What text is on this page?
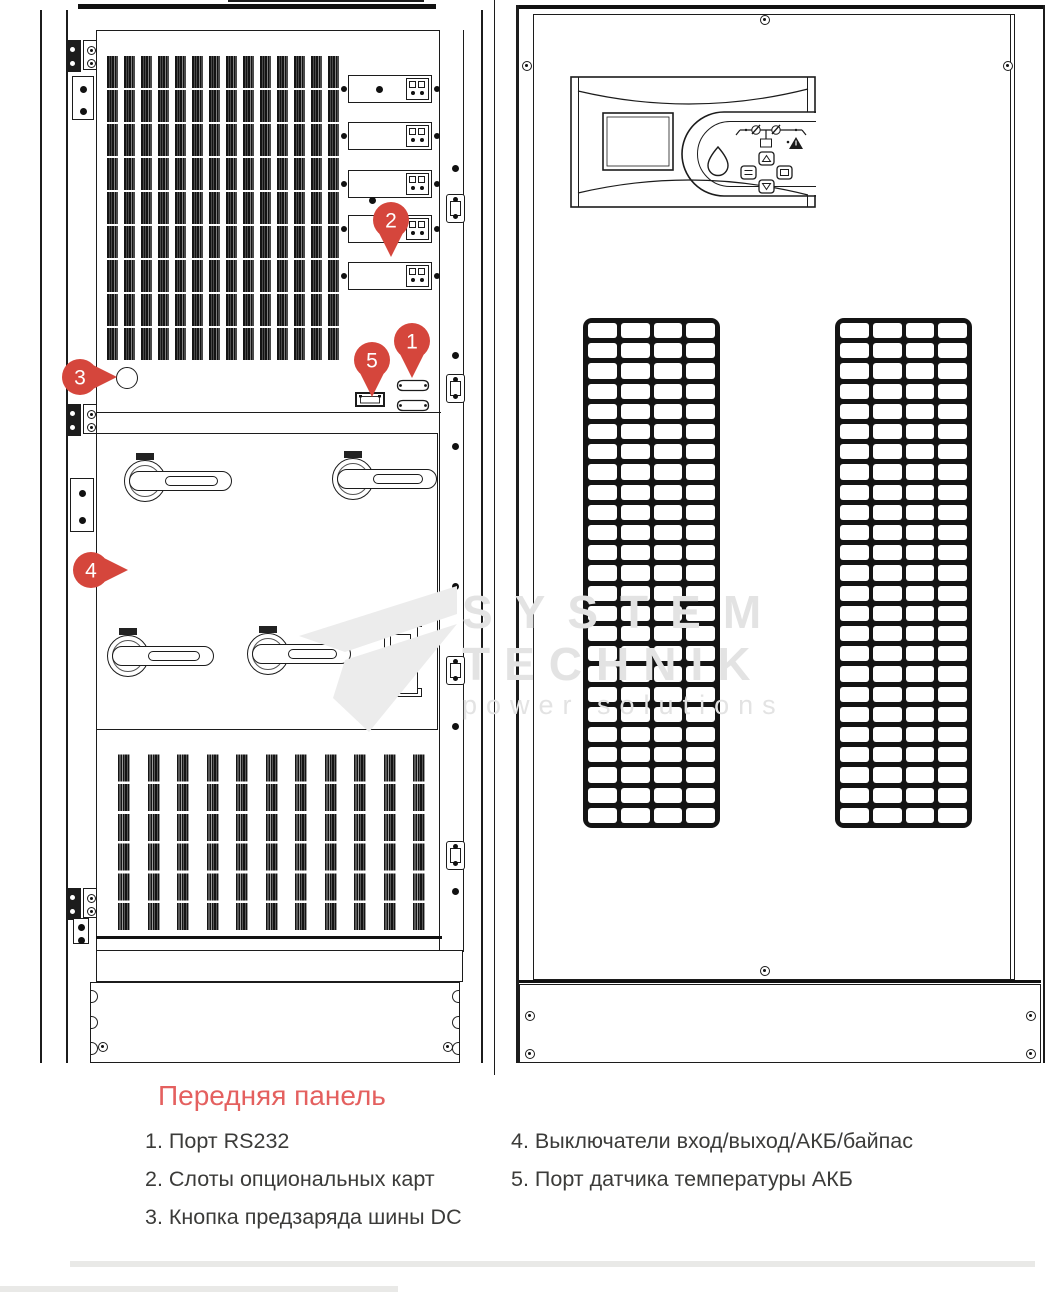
SYSTEM
TECHNIK
power solutions
Передняя панель
1. Порт RS232
2. Слоты опциональных карт
3. Кнопка предзаряда шины DC
4. Выключатели вход/выход/АКБ/байпас
5. Порт датчика температуры АКБ
1
2
3
4
5
